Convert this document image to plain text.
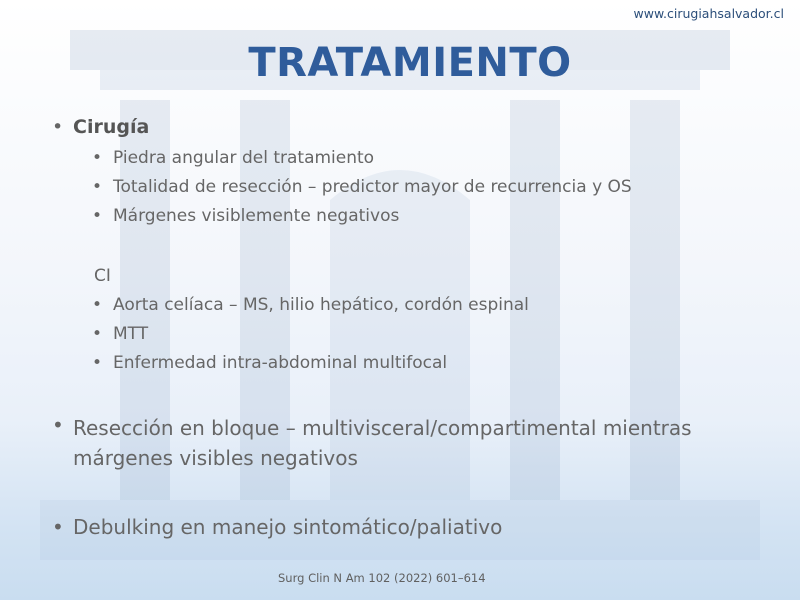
www.cirugiahsalvador.cl
TRATAMIENTO
• Cirugía
• Piedra angular del tratamiento
• Totalidad de resección – predictor mayor de recurrencia y OS
• Márgenes visiblemente negativos
CI
• Aorta celíaca – MS, hilio hepático, cordón espinal
• MTT
• Enfermedad intra-abdominal multifocal
• Resección en bloque – multivisceral/compartimental mientras
márgenes visibles negativos
• Debulking en manejo sintomático/paliativo
Surg Clin N Am 102 (2022) 601–614
